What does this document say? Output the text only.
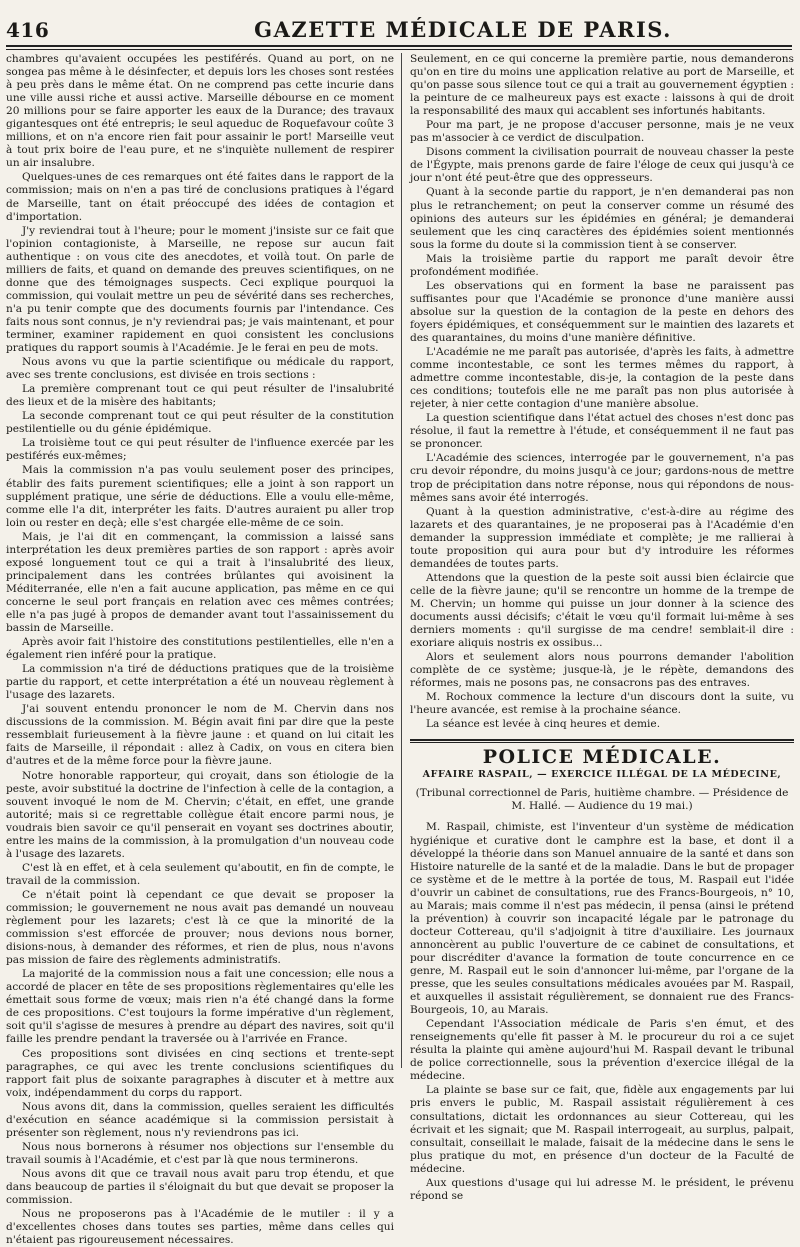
416	GAZETTE MÉDICALE DE PARIS.

chambres qu'avaient occupées les pestiférés. Quand au port, on ne songea pas même à le désinfecter, et depuis lors les choses sont restées à peu près dans le même état. On ne comprend pas cette incurie dans une ville aussi riche et aussi active. Marseille débourse en ce moment 20 millions pour se faire apporter les eaux de la Durance; des travaux gigantesques ont été entrepris; le seul aqueduc de Roquefavour coûte 3 millions, et on n'a encore rien fait pour assainir le port! Marseille veut à tout prix boire de l'eau pure, et ne s'inquiète nullement de respirer un air insalubre.

Quelques-unes de ces remarques ont été faites dans le rapport de la commission; mais on n'en a pas tiré de conclusions pratiques à l'égard de Marseille, tant on était préoccupé des idées de contagion et d'importation.

J'y reviendrai tout à l'heure; pour le moment j'insiste sur ce fait que l'opinion contagioniste, à Marseille, ne repose sur aucun fait authentique : on vous cite des anecdotes, et voilà tout. On parle de milliers de faits, et quand on demande des preuves scientifiques, on ne donne que des témoignages suspects. Ceci explique pourquoi la commission, qui voulait mettre un peu de sévérité dans ses recherches, n'a pu tenir compte que des documents fournis par l'intendance. Ces faits nous sont connus, je n'y reviendrai pas; je vais maintenant, et pour terminer, examiner rapidement en quoi consistent les conclusions pratiques du rapport soumis à l'Académie. Je le ferai en peu de mots.

Nous avons vu que la partie scientifique ou médicale du rapport, avec ses trente conclusions, est divisée en trois sections :

La première comprenant tout ce qui peut résulter de l'insalubrité des lieux et de la misère des habitants;

La seconde comprenant tout ce qui peut résulter de la constitution pestilentielle ou du génie épidémique.

La troisième tout ce qui peut résulter de l'influence exercée par les pestiférés eux-mêmes;

Mais la commission n'a pas voulu seulement poser des principes, établir des faits purement scientifiques; elle a joint à son rapport un supplément pratique, une série de déductions. Elle a voulu elle-même, comme elle l'a dit, interpréter les faits. D'autres auraient pu aller trop loin ou rester en deçà; elle s'est chargée elle-même de ce soin.

Mais, je l'ai dit en commençant, la commission a laissé sans interprétation les deux premières parties de son rapport : après avoir exposé longuement tout ce qui a trait à l'insalubrité des lieux, principalement dans les contrées brûlantes qui avoisinent la Méditerranée, elle n'en a fait aucune application, pas même en ce qui concerne le seul port français en relation avec ces mêmes contrées; elle n'a pas jugé à propos de demander avant tout l'assainissement du bassin de Marseille.

Après avoir fait l'histoire des constitutions pestilentielles, elle n'en a également rien inféré pour la pratique.

La commission n'a tiré de déductions pratiques que de la troisième partie du rapport, et cette interprétation a été un nouveau règlement à l'usage des lazarets.

J'ai souvent entendu prononcer le nom de M. Chervin dans nos discussions de la commission. M. Bégin avait fini par dire que la peste ressemblait furieusement à la fièvre jaune : et quand on lui citait les faits de Marseille, il répondait : allez à Cadix, on vous en citera bien d'autres et de la même force pour la fièvre jaune.

Notre honorable rapporteur, qui croyait, dans son étiologie de la peste, avoir substitué la doctrine de l'infection à celle de la contagion, a souvent invoqué le nom de M. Chervin; c'était, en effet, une grande autorité; mais si ce regrettable collègue était encore parmi nous, je voudrais bien savoir ce qu'il penserait en voyant ses doctrines aboutir, entre les mains de la commission, à la promulgation d'un nouveau code à l'usage des lazarets.

C'est là en effet, et à cela seulement qu'aboutit, en fin de compte, le travail de la commission.

Ce n'était point là cependant ce que devait se proposer la commission; le gouvernement ne nous avait pas demandé un nouveau règlement pour les lazarets; c'est là ce que la minorité de la commission s'est efforcée de prouver; nous devions nous borner, disions-nous, à demander des réformes, et rien de plus, nous n'avons pas mission de faire des règlements administratifs.

La majorité de la commission nous a fait une concession; elle nous a accordé de placer en tête de ses propositions règlementaires qu'elle les émettait sous forme de vœux; mais rien n'a été changé dans la forme de ces propositions. C'est toujours la forme impérative d'un règlement, soit qu'il s'agisse de mesures à prendre au départ des navires, soit qu'il faille les prendre pendant la traversée ou à l'arrivée en France.

Ces propositions sont divisées en cinq sections et trente-sept paragraphes, ce qui avec les trente conclusions scientifiques du rapport fait plus de soixante paragraphes à discuter et à mettre aux voix, indépendamment du corps du rapport.

Nous avons dit, dans la commission, quelles seraient les difficultés d'exécution en séance académique si la commission persistait à présenter son règlement, nous n'y reviendrons pas ici.

Nous nous bornerons à résumer nos objections sur l'ensemble du travail soumis à l'Académie, et c'est par là que nous terminerons.

Nous avons dit que ce travail nous avait paru trop étendu, et que dans beaucoup de parties il s'éloignait du but que devait se proposer la commission.

Nous ne proposerons pas à l'Académie de le mutiler : il y a d'excellentes choses dans toutes ses parties, même dans celles qui n'étaient pas rigoureusement nécessaires.

Seulement, en ce qui concerne la première partie, nous demanderons qu'on en tire du moins une application relative au port de Marseille, et qu'on passe sous silence tout ce qui a trait au gouvernement égyptien : la peinture de ce malheureux pays est exacte : laissons à qui de droit la responsabilité des maux qui accablent ses infortunés habitants.

Pour ma part, je ne propose d'accuser personne, mais je ne veux pas m'associer à ce verdict de disculpation.

Disons comment la civilisation pourrait de nouveau chasser la peste de l'Égypte, mais prenons garde de faire l'éloge de ceux qui jusqu'à ce jour n'ont été peut-être que des oppresseurs.

Quant à la seconde partie du rapport, je n'en demanderai pas non plus le retranchement; on peut la conserver comme un résumé des opinions des auteurs sur les épidémies en général; je demanderai seulement que les cinq caractères des épidémies soient mentionnés sous la forme du doute si la commission tient à se conserver.

Mais la troisième partie du rapport me paraît devoir être profondément modifiée.

Les observations qui en forment la base ne paraissent pas suffisantes pour que l'Académie se prononce d'une manière aussi absolue sur la question de la contagion de la peste en dehors des foyers épidémiques, et conséquemment sur le maintien des lazarets et des quarantaines, du moins d'une manière définitive.

L'Académie ne me paraît pas autorisée, d'après les faits, à admettre comme incontestable, ce sont les termes mêmes du rapport, à admettre comme incontestable, dis-je, la contagion de la peste dans ces conditions; toutefois elle ne me paraît pas non plus autorisée à rejeter, à nier cette contagion d'une manière absolue.

La question scientifique dans l'état actuel des choses n'est donc pas résolue, il faut la remettre à l'étude, et conséquemment il ne faut pas se prononcer.

L'Académie des sciences, interrogée par le gouvernement, n'a pas cru devoir répondre, du moins jusqu'à ce jour; gardons-nous de mettre trop de précipitation dans notre réponse, nous qui répondons de nous-mêmes sans avoir été interrogés.

Quant à la question administrative, c'est-à-dire au régime des lazarets et des quarantaines, je ne proposerai pas à l'Académie d'en demander la suppression immédiate et complète; je me rallierai à toute proposition qui aura pour but d'y introduire les réformes demandées de toutes parts.

Attendons que la question de la peste soit aussi bien éclaircie que celle de la fièvre jaune; qu'il se rencontre un homme de la trempe de M. Chervin; un homme qui puisse un jour donner à la science des documents aussi décisifs; c'était le vœu qu'il formait lui-même à ses derniers moments : qu'il surgisse de ma cendre! semblait-il dire : exoriare aliquis nostris ex ossibus...

Alors et seulement alors nous pourrons demander l'abolition complète de ce système; jusque-là, je le répète, demandons des réformes, mais ne posons pas, ne consacrons pas des entraves.

M. Rochoux commence la lecture d'un discours dont la suite, vu l'heure avancée, est remise à la prochaine séance.

La séance est levée à cinq heures et demie.

POLICE MÉDICALE.
AFFAIRE RASPAIL, — EXERCICE ILLÉGAL DE LA MÉDECINE,
(Tribunal correctionnel de Paris, huitième chambre. — Présidence de M. Hallé. — Audience du 19 mai.)

M. Raspail, chimiste, est l'inventeur d'un système de médication hygiénique et curative dont le camphre est la base, et dont il a développé la théorie dans son Manuel annuaire de la santé et dans son Histoire naturelle de la santé et de la maladie. Dans le but de propager ce système et de le mettre à la portée de tous, M. Raspail eut l'idée d'ouvrir un cabinet de consultations, rue des Francs-Bourgeois, n° 10, au Marais; mais comme il n'est pas médecin, il pensa (ainsi le prétend la prévention) à couvrir son incapacité légale par le patronage du docteur Cottereau, qu'il s'adjoignit à titre d'auxiliaire. Les journaux annoncèrent au public l'ouverture de ce cabinet de consultations, et pour discréditer d'avance la formation de toute concurrence en ce genre, M. Raspail eut le soin d'annoncer lui-même, par l'organe de la presse, que les seules consultations médicales avouées par M. Raspail, et auxquelles il assistait régulièrement, se donnaient rue des Francs-Bourgeois, 10, au Marais.

Cependant l'Association médicale de Paris s'en émut, et des renseignements qu'elle fit passer à M. le procureur du roi a ce sujet résulta la plainte qui amène aujourd'hui M. Raspail devant le tribunal de police correctionnelle, sous la prévention d'exercice illégal de la médecine.

La plainte se base sur ce fait, que, fidèle aux engagements par lui pris envers le public, M. Raspail assistait régulièrement à ces consultations, dictait les ordonnances au sieur Cottereau, qui les écrivait et les signait; que M. Raspail interrogeait, au surplus, palpait, consultait, conseillait le malade, faisait de la médecine dans le sens le plus pratique du mot, en présence d'un docteur de la Faculté de médecine.

Aux questions d'usage qui lui adresse M. le président, le prévenu répond se
